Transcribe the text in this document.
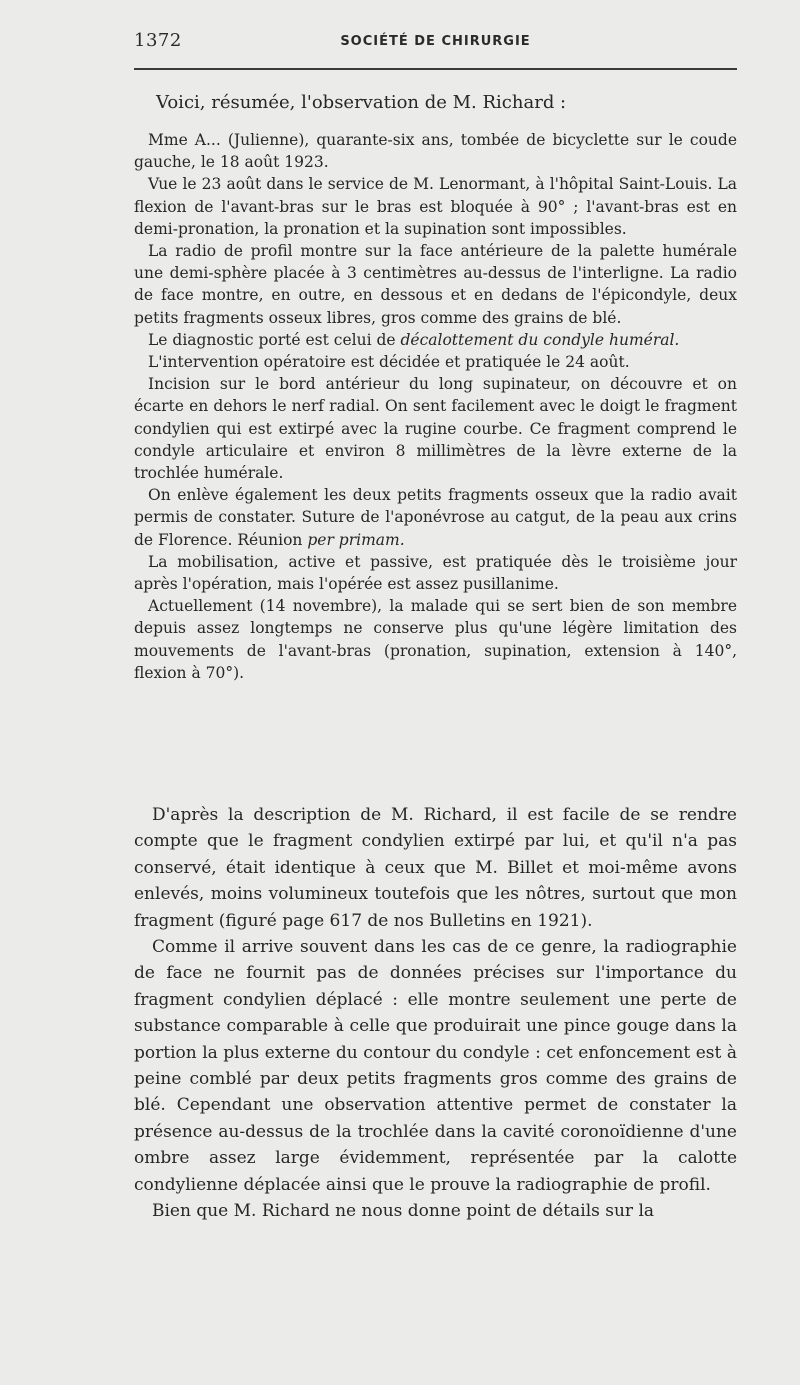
1372	SOCIÉTÉ DE CHIRURGIE
Voici, résumée, l'observation de M. Richard :

Mme A... (Julienne), quarante-six ans, tombée de bicyclette sur le coude gauche, le 18 août 1923.

Vue le 23 août dans le service de M. Lenormant, à l'hôpital Saint-Louis. La flexion de l'avant-bras sur le bras est bloquée à 90° ; l'avant-bras est en demi-pronation, la pronation et la supination sont impossibles.

La radio de profil montre sur la face antérieure de la palette humérale une demi-sphère placée à 3 centimètres au-dessus de l'interligne. La radio de face montre, en outre, en dessous et en dedans de l'épicondyle, deux petits fragments osseux libres, gros comme des grains de blé.

Le diagnostic porté est celui de décalottement du condyle huméral.

L'intervention opératoire est décidée et pratiquée le 24 août.

Incision sur le bord antérieur du long supinateur, on découvre et on écarte en dehors le nerf radial. On sent facilement avec le doigt le fragment condylien qui est extirpé avec la rugine courbe. Ce fragment comprend le condyle articulaire et environ 8 millimètres de la lèvre externe de la trochlée humérale.

On enlève également les deux petits fragments osseux que la radio avait permis de constater. Suture de l'aponévrose au catgut, de la peau aux crins de Florence. Réunion per primam.

La mobilisation, active et passive, est pratiquée dès le troisième jour après l'opération, mais l'opérée est assez pusillanime.

Actuellement (14 novembre), la malade qui se sert bien de son membre depuis assez longtemps ne conserve plus qu'une légère limitation des mouvements de l'avant-bras (pronation, supination, extension à 140°, flexion à 70°).

D'après la description de M. Richard, il est facile de se rendre compte que le fragment condylien extirpé par lui, et qu'il n'a pas conservé, était identique à ceux que M. Billet et moi-même avons enlevés, moins volumineux toutefois que les nôtres, surtout que mon fragment (figuré page 617 de nos Bulletins en 1921).

Comme il arrive souvent dans les cas de ce genre, la radiographie de face ne fournit pas de données précises sur l'importance du fragment condylien déplacé : elle montre seulement une perte de substance comparable à celle que produirait une pince gouge dans la portion la plus externe du contour du condyle : cet enfoncement est à peine comblé par deux petits fragments gros comme des grains de blé. Cependant une observation attentive permet de constater la présence au-dessus de la trochlée dans la cavité coronoïdienne d'une ombre assez large évidemment, représentée par la calotte condylienne déplacée ainsi que le prouve la radiographie de profil.

Bien que M. Richard ne nous donne point de détails sur la
